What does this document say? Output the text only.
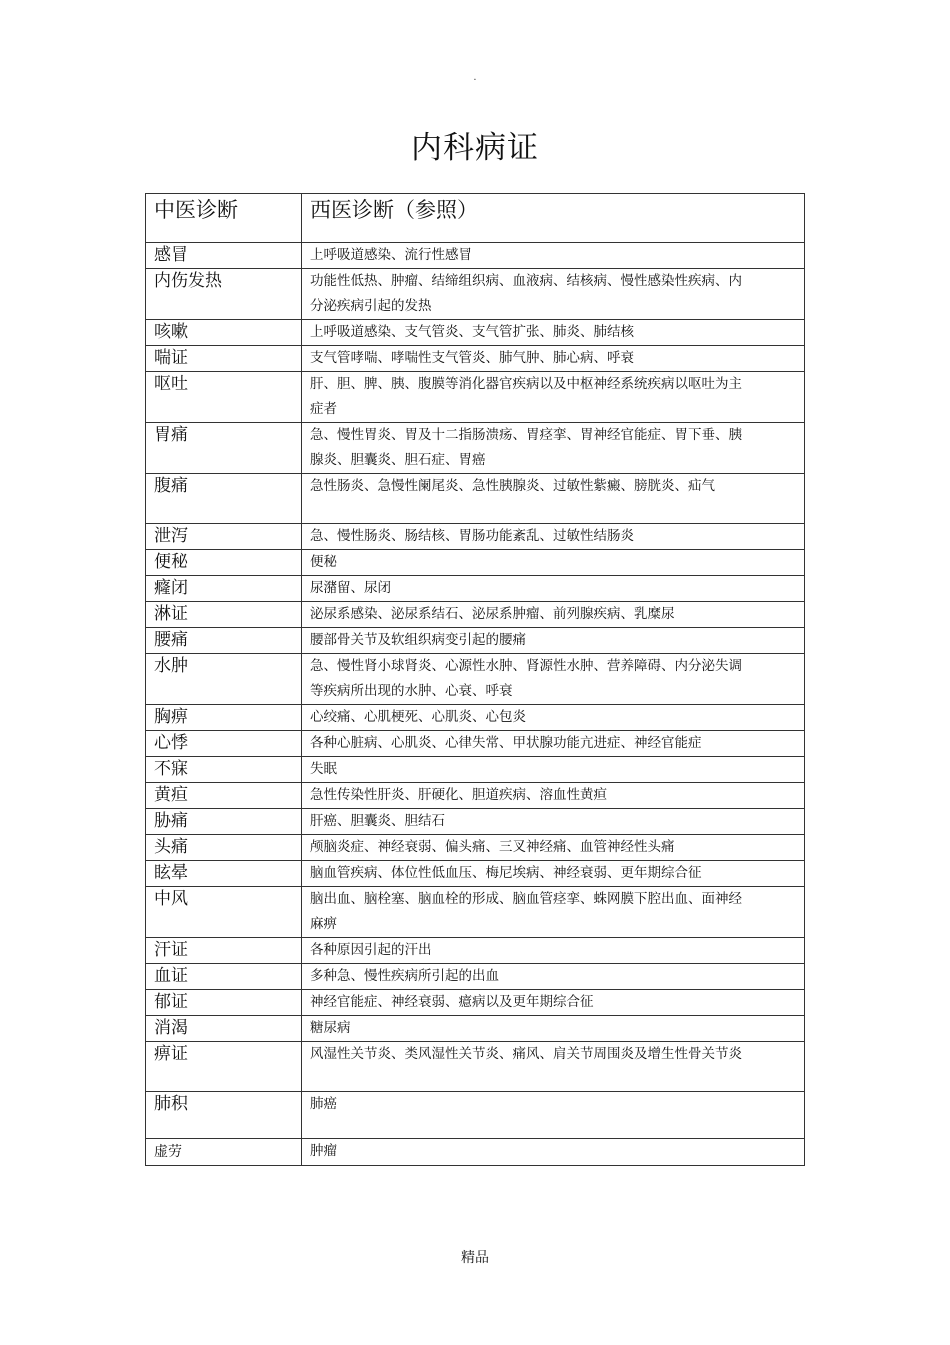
·
内科病证
中医诊断	西医诊断（参照）
感冒	上呼吸道感染、流行性感冒

内伤发热	功能性低热、肿瘤、结缔组织病、血液病、结核病、慢性感染性疾病、内分泌疾病引起的发热

咳嗽	上呼吸道感染、支气管炎、支气管扩张、肺炎、肺结核

喘证	支气管哮喘、哮喘性支气管炎、肺气肿、肺心病、呼衰

呕吐	肝、胆、脾、胰、腹膜等消化器官疾病以及中枢神经系统疾病以呕吐为主症者

胃痛	急、慢性胃炎、胃及十二指肠溃疡、胃痉挛、胃神经官能症、胃下垂、胰腺炎、胆囊炎、胆石症、胃癌

腹痛	急性肠炎、急慢性阑尾炎、急性胰腺炎、过敏性紫癜、膀胱炎、疝气

泄泻	急、慢性肠炎、肠结核、胃肠功能紊乱、过敏性结肠炎

便秘	便秘

癃闭	尿潴留、尿闭

淋证	泌尿系感染、泌尿系结石、泌尿系肿瘤、前列腺疾病、乳糜尿

腰痛	腰部骨关节及软组织病变引起的腰痛

水肿	急、慢性肾小球肾炎、心源性水肿、肾源性水肿、营养障碍、内分泌失调等疾病所出现的水肿、心衰、呼衰

胸痹	心绞痛、心肌梗死、心肌炎、心包炎

心悸	各种心脏病、心肌炎、心律失常、甲状腺功能亢进症、神经官能症

不寐	失眠

黄疸	急性传染性肝炎、肝硬化、胆道疾病、溶血性黄疸

胁痛	肝癌、胆囊炎、胆结石

头痛	颅脑炎症、神经衰弱、偏头痛、三叉神经痛、血管神经性头痛

眩晕	脑血管疾病、体位性低血压、梅尼埃病、神经衰弱、更年期综合征

中风	脑出血、脑栓塞、脑血栓的形成、脑血管痉挛、蛛网膜下腔出血、面神经麻痹

汗证	各种原因引起的汗出

血证	多种急、慢性疾病所引起的出血

郁证	神经官能症、神经衰弱、癔病以及更年期综合征

消渴	糖尿病

痹证	风湿性关节炎、类风湿性关节炎、痛风、肩关节周围炎及增生性骨关节炎

肺积	肺癌

虚劳	肿瘤
精品
